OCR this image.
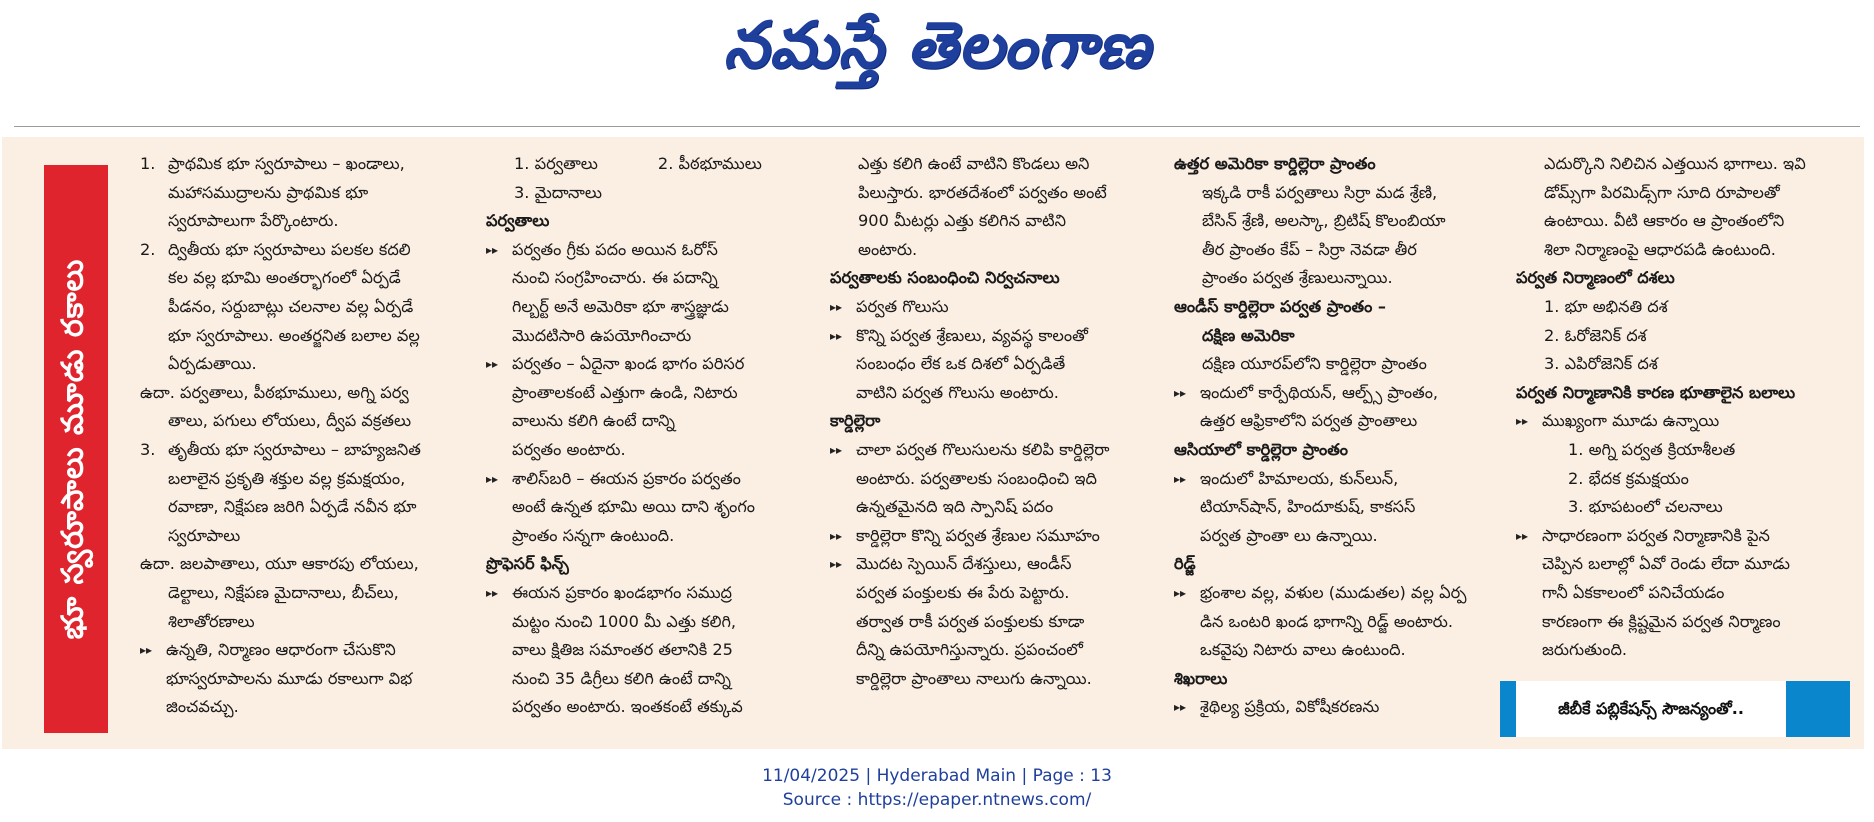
నమస్తే తెలంగాణ
భూ స్వరూపాలు మూడు రకాలు
1. ప్రాథమిక భూ స్వరూపాలు – ఖండాలు,

మహాసముద్రాలను ప్రాథమిక భూ

స్వరూపాలుగా పేర్కొంటారు.

2. ద్వితీయ భూ స్వరూపాలు పలకల కదలి

కల వల్ల భూమి అంతర్భాగంలో ఏర్పడే

పీడనం, సర్దుబాట్లు చలనాల వల్ల ఏర్పడే

భూ స్వరూపాలు. అంతర్జనిత బలాల వల్ల

ఏర్పడుతాయి.

ఉదా. పర్వతాలు, పీఠభూములు, అగ్ని పర్వ

తాలు, పగులు లోయలు, ద్వీప వక్రతలు

3. తృతీయ భూ స్వరూపాలు – బాహ్యజనిత

బలాలైన ప్రకృతి శక్తుల వల్ల క్రమక్షయం,

రవాణా, నిక్షేపణ జరిగి ఏర్పడే నవీన భూ

స్వరూపాలు

ఉదా. జలపాతాలు, యూ ఆకారపు లోయలు,

డెల్టాలు, నిక్షేపణ మైదానాలు, బీచ్‌లు,

శిలాతోరణాలు

▸▸ ఉన్నతి, నిర్మాణం ఆధారంగా చేసుకొని

భూస్వరూపాలను మూడు రకాలుగా విభ

జించవచ్చు.

1. పర్వతాలు	2. పీఠభూములు

3. మైదానాలు

పర్వతాలు

▸▸ పర్వతం గ్రీకు పదం అయిన ఓరోస్

నుంచి సంగ్రహించారు. ఈ పదాన్ని

గిల్బర్ట్ అనే అమెరికా భూ శాస్త్రజ్ఞుడు

మొదటిసారి ఉపయోగించారు

▸▸ పర్వతం – ఏదైనా ఖండ భాగం పరిసర

ప్రాంతాలకంటే ఎత్తుగా ఉండి, నిటారు

వాలును కలిగి ఉంటే దాన్ని

పర్వతం అంటారు.

▸▸ శాలిస్‌బరి – ఈయన ప్రకారం పర్వతం

అంటే ఉన్నత భూమి అయి దాని శృంగం

ప్రాంతం సన్నగా ఉంటుంది.

ప్రొఫెసర్ ఫిన్చ్

▸▸ ఈయన ప్రకారం ఖండభాగం సముద్ర

మట్టం నుంచి 1000 మీ ఎత్తు కలిగి,

వాలు క్షితిజ సమాంతర తలానికి 25

నుంచి 35 డిగ్రీలు కలిగి ఉంటే దాన్ని

పర్వతం అంటారు. ఇంతకంటే తక్కువ

ఎత్తు కలిగి ఉంటే వాటిని కొండలు అని

పిలుస్తారు. భారతదేశంలో పర్వతం అంటే

900 మీటర్లు ఎత్తు కలిగిన వాటిని

అంటారు.

పర్వతాలకు సంబంధించి నిర్వచనాలు

▸▸ పర్వత గొలుసు

▸▸ కొన్ని పర్వత శ్రేణులు, వ్యవస్థ కాలంతో

సంబంధం లేక ఒక దిశలో ఏర్పడితే

వాటిని పర్వత గొలుసు అంటారు.

కార్డిల్లెరా

▸▸ చాలా పర్వత గొలుసులను కలిపి కార్డిల్లెరా

అంటారు. పర్వతాలకు సంబంధించి ఇది

ఉన్నతమైనది ఇది స్పానిష్ పదం

▸▸ కార్డిల్లెరా కొన్ని పర్వత శ్రేణుల సమూహం

▸▸ మొదట స్పెయిన్ దేశస్తులు, ఆండీస్

పర్వత పంక్తులకు ఈ పేరు పెట్టారు.

తర్వాత రాకీ పర్వత పంక్తులకు కూడా

దీన్ని ఉపయోగిస్తున్నారు. ప్రపంచంలో

కార్డిల్లెరా ప్రాంతాలు నాలుగు ఉన్నాయి.

ఉత్తర అమెరికా కార్డిల్లెరా ప్రాంతం

ఇక్కడి రాకీ పర్వతాలు సిర్రా మడ శ్రేణి,

బేసిన్ శ్రేణి, అలస్కా, బ్రిటిష్ కొలంబియా

తీర ప్రాంతం కేప్ – సిర్రా నెవడా తీర

ప్రాంతం పర్వత శ్రేణులున్నాయి.

ఆండీస్ కార్డిల్లెరా పర్వత ప్రాంతం –

దక్షిణ అమెరికా

దక్షిణ యూరప్‌లోని కార్డిల్లెరా ప్రాంతం

▸▸ ఇందులో కార్పేథియన్, ఆల్ప్స్ ప్రాంతం,

ఉత్తర ఆఫ్రికాలోని పర్వత ప్రాంతాలు

ఆసియాలో కార్డిల్లెరా ప్రాంతం

▸▸ ఇందులో హిమాలయ, కున్‌లున్,

టియాన్‌షాన్, హిందూకుష్, కాకసస్

పర్వత ప్రాంతా లు ఉన్నాయి.

రిడ్జ్

▸▸ భ్రంశాల వల్ల, వళుల (ముడుతల) వల్ల ఏర్ప

డిన ఒంటరి ఖండ భాగాన్ని రిడ్జ్ అంటారు.

ఒకవైపు నిటారు వాలు ఉంటుంది.

శిఖరాలు

▸▸ శైథిల్య ప్రక్రియ, వికోషీకరణను

ఎదుర్కొని నిలిచిన ఎత్తయిన భాగాలు. ఇవి

డోమ్స్‌గా పిరమిడ్స్‌గా సూది రూపాలతో

ఉంటాయి. వీటి ఆకారం ఆ ప్రాంతంలోని

శిలా నిర్మాణంపై ఆధారపడి ఉంటుంది.

పర్వత నిర్మాణంలో దశలు

1. భూ అభినతి దశ

2. ఓరోజెనిక్ దశ

3. ఎపిరోజెనిక్ దశ

పర్వత నిర్మాణానికి కారణ భూతాలైన బలాలు

▸▸ ముఖ్యంగా మూడు ఉన్నాయి

1. అగ్ని పర్వత క్రియాశీలత

2. భేదక క్రమక్షయం

3. భూపటంలో చలనాలు

▸▸ సాధారణంగా పర్వత నిర్మాణానికి పైన

చెప్పిన బలాల్లో ఏవో రెండు లేదా మూడు

గానీ ఏకకాలంలో పనిచేయడం

కారణంగా ఈ క్లిష్టమైన పర్వత నిర్మాణం

జరుగుతుంది.

జీబీకే పబ్లికేషన్స్ సౌజన్యంతో..
11/04/2025 | Hyderabad Main | Page : 13
Source : https://epaper.ntnews.com/
